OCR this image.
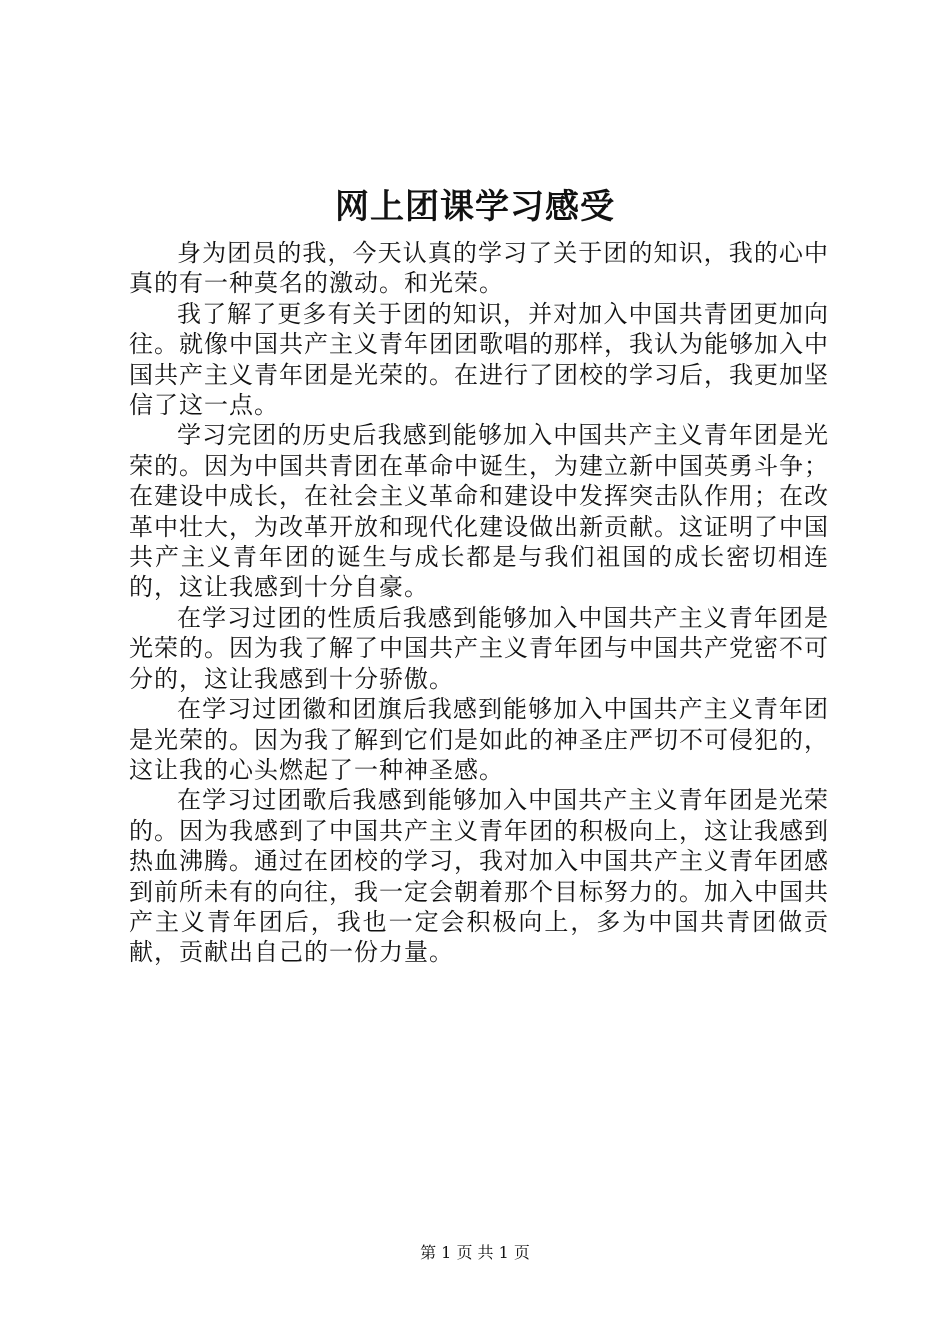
网上团课学习感受

身为团员的我，今天认真的学习了关于团的知识，我的心中真的有一种莫名的激动。和光荣。

我了解了更多有关于团的知识，并对加入中国共青团更加向往。就像中国共产主义青年团团歌唱的那样，我认为能够加入中国共产主义青年团是光荣的。在进行了团校的学习后，我更加坚信了这一点。

学习完团的历史后我感到能够加入中国共产主义青年团是光荣的。因为中国共青团在革命中诞生，为建立新中国英勇斗争；在建设中成长，在社会主义革命和建设中发挥突击队作用；在改革中壮大，为改革开放和现代化建设做出新贡献。这证明了中国共产主义青年团的诞生与成长都是与我们祖国的成长密切相连的，这让我感到十分自豪。

在学习过团的性质后我感到能够加入中国共产主义青年团是光荣的。因为我了解了中国共产主义青年团与中国共产党密不可分的，这让我感到十分骄傲。

在学习过团徽和团旗后我感到能够加入中国共产主义青年团是光荣的。因为我了解到它们是如此的神圣庄严切不可侵犯的，这让我的心头燃起了一种神圣感。

在学习过团歌后我感到能够加入中国共产主义青年团是光荣的。因为我感到了中国共产主义青年团的积极向上，这让我感到热血沸腾。通过在团校的学习，我对加入中国共产主义青年团感到前所未有的向往，我一定会朝着那个目标努力的。加入中国共产主义青年团后，我也一定会积极向上，多为中国共青团做贡献，贡献出自己的一份力量。

第 1 页 共 1 页
